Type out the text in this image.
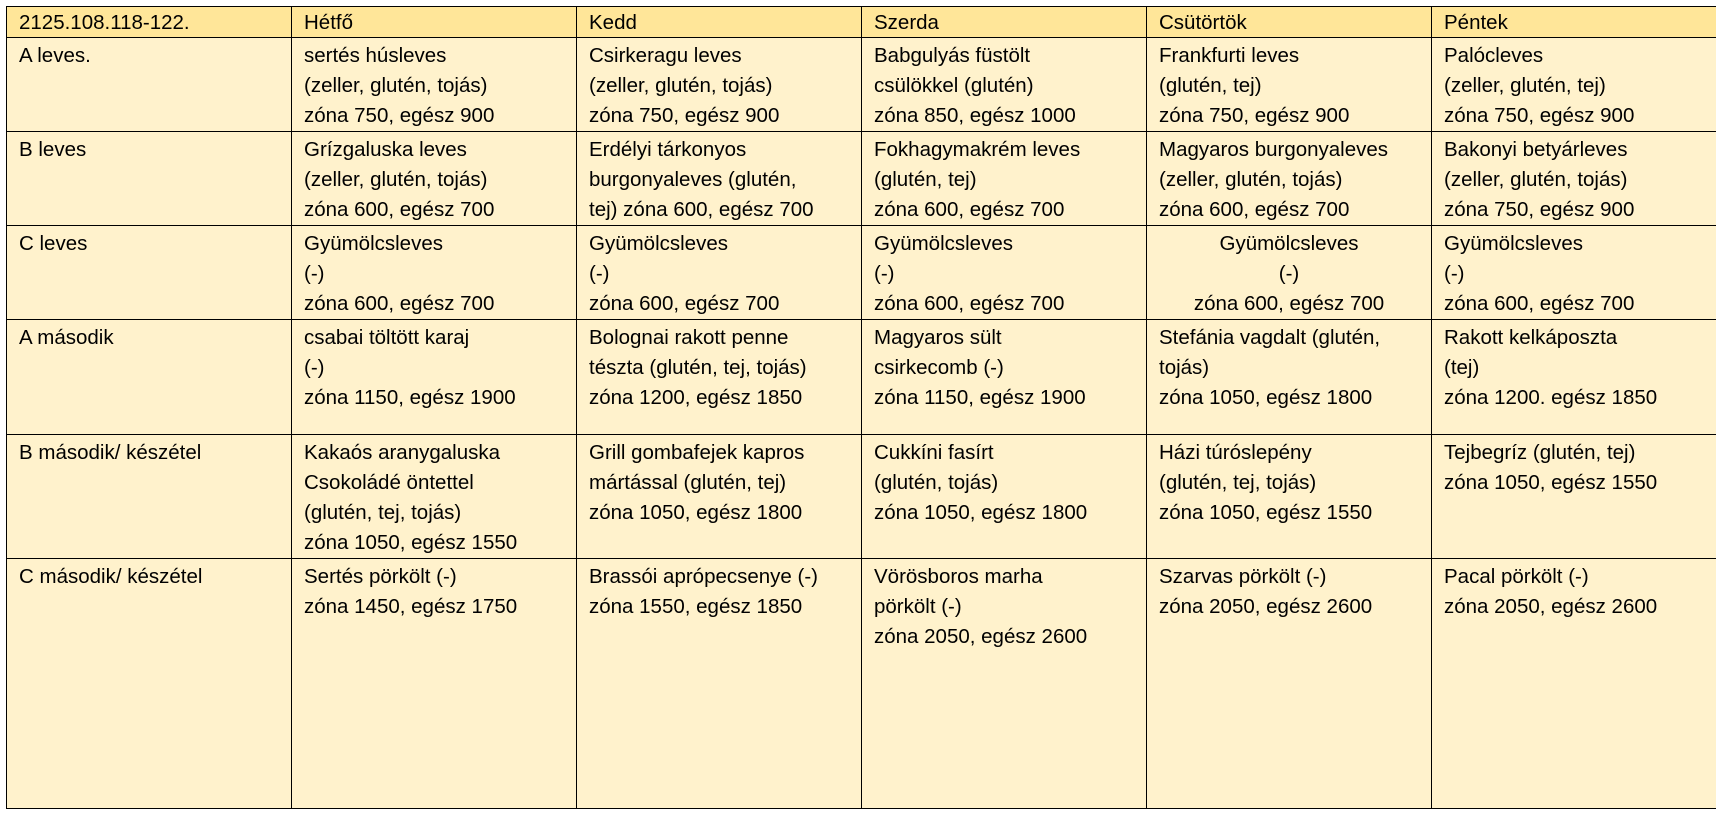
2125.108.118-122.	Hétfő	Kedd	Szerda	Csütörtök	Péntek
A leves.	sertés húsleves
(zeller, glutén, tojás)
zóna 750, egész 900	Csirkeragu leves
(zeller, glutén, tojás)
zóna 750, egész 900	Babgulyás füstölt
csülökkel (glutén)
zóna 850, egész 1000	Frankfurti leves
(glutén, tej)
zóna 750, egész 900	Palócleves
(zeller, glutén, tej)
zóna 750, egész 900

B leves	Grízgaluska leves
(zeller, glutén, tojás)
zóna 600, egész 700	Erdélyi tárkonyos
burgonyaleves (glutén,
tej) zóna 600, egész 700	Fokhagymakrém leves
(glutén, tej)
zóna 600, egész 700	Magyaros burgonyaleves
(zeller, glutén, tojás)
zóna 600, egész 700	Bakonyi betyárleves
(zeller, glutén, tojás)
zóna 750, egész 900

C leves	Gyümölcsleves
(-)
zóna 600, egész 700	Gyümölcsleves
(-)
zóna 600, egész 700	Gyümölcsleves
(-)
zóna 600, egész 700	Gyümölcsleves
(-)
zóna 600, egész 700	Gyümölcsleves
(-)
zóna 600, egész 700

A második	csabai töltött karaj
(-)
zóna 1150, egész 1900	Bolognai rakott penne
tészta (glutén, tej, tojás)
zóna 1200, egész 1850	Magyaros sült
csirkecomb (-)
zóna 1150, egész 1900	Stefánia vagdalt (glutén,
tojás)
zóna 1050, egész 1800	Rakott kelkáposzta
(tej)
zóna 1200. egész 1850

B második/ készétel	Kakaós aranygaluska
Csokoládé öntettel
(glutén, tej, tojás)
zóna 1050, egész 1550	Grill gombafejek kapros
mártással (glutén, tej)
zóna 1050, egész 1800	Cukkíni fasírt
(glutén, tojás)
zóna 1050, egész 1800	Házi túróslepény
(glutén, tej, tojás)
zóna 1050, egész 1550	Tejbegríz (glutén, tej)
zóna 1050, egész 1550

C második/ készétel	Sertés pörkölt (-)
zóna 1450, egész 1750	Brassói aprópecsenye (-)
zóna 1550, egész 1850	Vörösboros marha
pörkölt (-)
zóna 2050, egész 2600	Szarvas pörkölt (-)
zóna 2050, egész 2600	Pacal pörkölt (-)
zóna 2050, egész 2600
